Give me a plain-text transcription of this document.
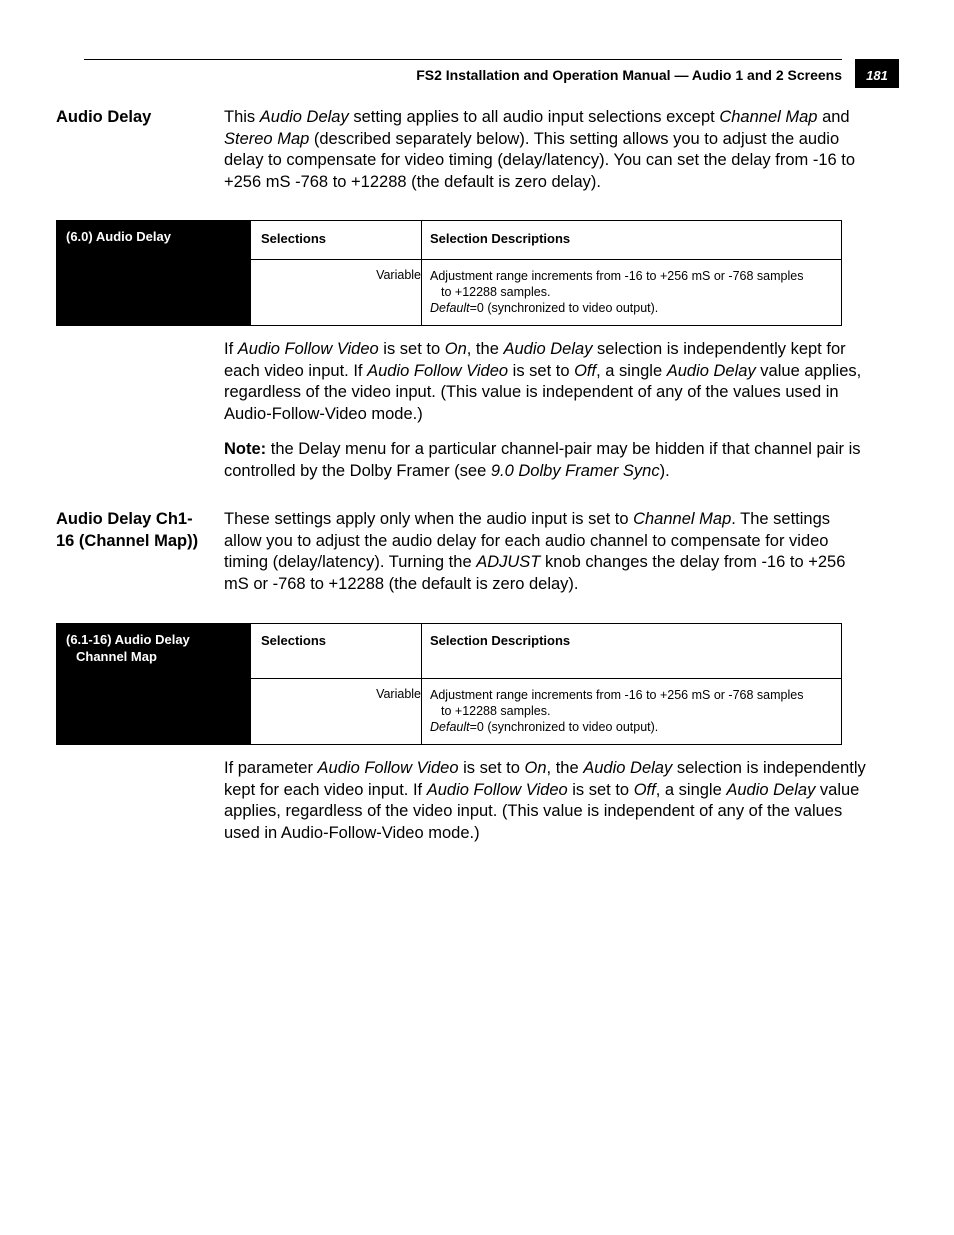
FS2 Installation and Operation Manual — Audio 1 and 2 Screens	181
Audio Delay	This Audio Delay setting applies to all audio input selections except Channel Map and Stereo Map (described separately below). This setting allows you to adjust the audio delay to compensate for video timing (delay/latency). You can set the delay from -16 to +256 mS -768 to +12288 (the default is zero delay).

(6.0) Audio Delay	Selections	Selection Descriptions
Variable Adjustment range increments from -16 to +256 mS or -768 samples
to +12288 samples.
Default=0 (synchronized to video output).

If Audio Follow Video is set to On, the Audio Delay selection is independently kept for each video input. If Audio Follow Video is set to Off, a single Audio Delay value applies, regardless of the video input. (This value is independent of any of the values used in Audio-Follow-Video mode.)

Note: the Delay menu for a particular channel-pair may be hidden if that channel pair is controlled by the Dolby Framer (see 9.0 Dolby Framer Sync).

Audio Delay Ch1-16 (Channel Map))

These settings apply only when the audio input is set to Channel Map. The settings allow you to adjust the audio delay for each audio channel to compensate for video timing (delay/latency). Turning the ADJUST knob changes the delay from -16 to +256 mS or -768 to +12288 (the default is zero delay).

(6.1-16) Audio Delay
Channel Map
Selections	Selection Descriptions
Variable Adjustment range increments from -16 to +256 mS or -768 samples
to +12288 samples.
Default=0 (synchronized to video output).

If parameter Audio Follow Video is set to On, the Audio Delay selection is independently kept for each video input. If Audio Follow Video is set to Off, a single Audio Delay value applies, regardless of the video input. (This value is independent of any of the values used in Audio-Follow-Video mode.)
